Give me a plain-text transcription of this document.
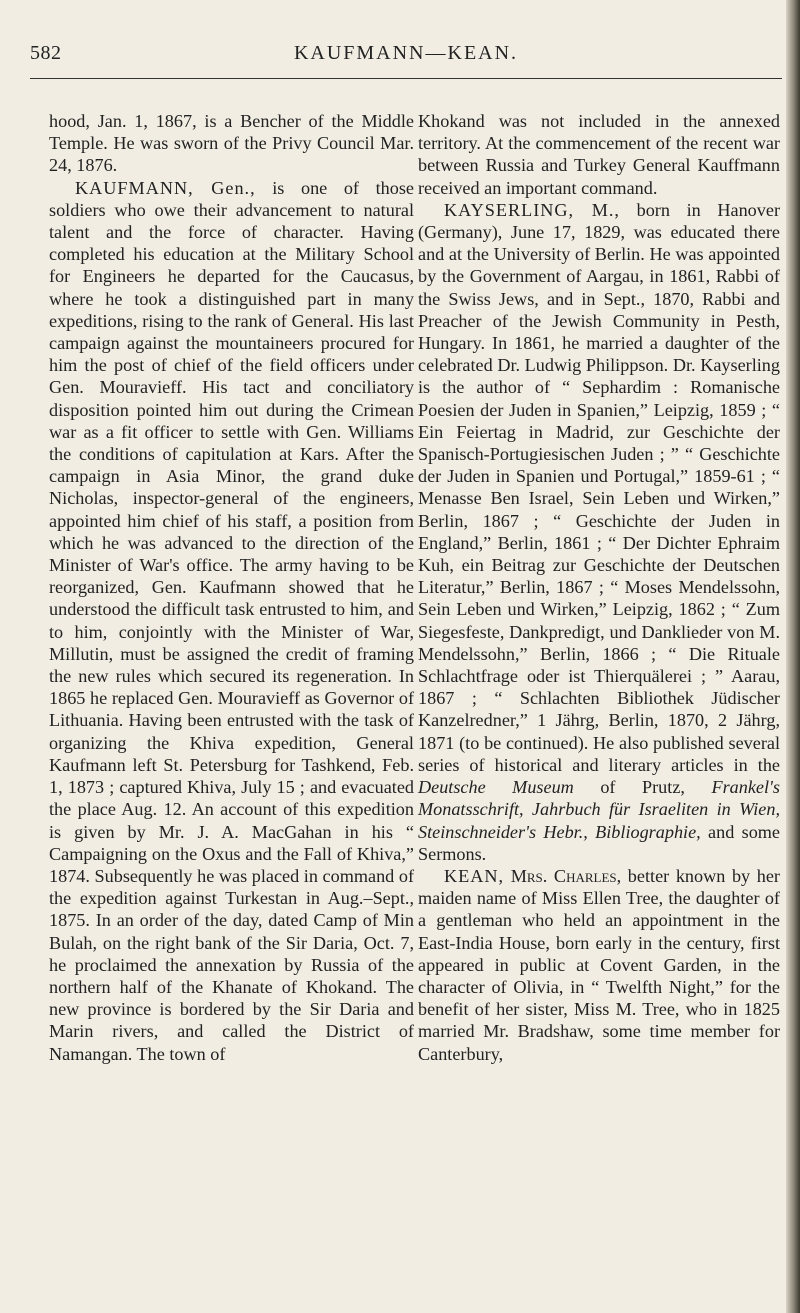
582	KAUFMANN—KEAN.

hood, Jan. 1, 1867, is a Bencher of the Middle Temple. He was sworn of the Privy Council Mar. 24, 1876.

KAUFMANN, Gen., is one of those soldiers who owe their advancement to natural talent and the force of character. Having completed his education at the Military School for Engineers he departed for the Caucasus, where he took a distinguished part in many expeditions, rising to the rank of General. His last campaign against the mountaineers procured for him the post of chief of the field officers under Gen. Mouravieff. His tact and conciliatory disposition pointed him out during the Crimean war as a fit officer to settle with Gen. Williams the conditions of capitulation at Kars. After the campaign in Asia Minor, the grand duke Nicholas, inspector-general of the engineers, appointed him chief of his staff, a position from which he was advanced to the direction of the Minister of War's office. The army having to be reorganized, Gen. Kaufmann showed that he understood the difficult task entrusted to him, and to him, conjointly with the Minister of War, Millutin, must be assigned the credit of framing the new rules which secured its regeneration. In 1865 he replaced Gen. Mouravieff as Governor of Lithuania. Having been entrusted with the task of organizing the Khiva expedition, General Kaufmann left St. Petersburg for Tashkend, Feb. 1, 1873 ; captured Khiva, July 15 ; and evacuated the place Aug. 12. An account of this expedition is given by Mr. J. A. MacGahan in his “ Campaigning on the Oxus and the Fall of Khiva,” 1874. Subsequently he was placed in command of the expedition against Turkestan in Aug.–Sept., 1875. In an order of the day, dated Camp of Min Bulah, on the right bank of the Sir Daria, Oct. 7, he proclaimed the annexation by Russia of the northern half of the Khanate of Khokand. The new province is bordered by the Sir Daria and Marin rivers, and called the District of Namangan. The town of

Khokand was not included in the annexed territory. At the commencement of the recent war between Russia and Turkey General Kauffmann received an important command.

KAYSERLING, M., born in Hanover (Germany), June 17, 1829, was educated there and at the University of Berlin. He was appointed by the Government of Aargau, in 1861, Rabbi of the Swiss Jews, and in Sept., 1870, Rabbi and Preacher of the Jewish Community in Pesth, Hungary. In 1861, he married a daughter of the celebrated Dr. Ludwig Philippson. Dr. Kayserling is the author of “ Sephardim : Romanische Poesien der Juden in Spanien,” Leipzig, 1859 ; “ Ein Feiertag in Madrid, zur Geschichte der Spanisch-Portugiesischen Juden ; ” “ Geschichte der Juden in Spanien und Portugal,” 1859-61 ; “ Menasse Ben Israel, Sein Leben und Wirken,” Berlin, 1867 ; “ Geschichte der Juden in England,” Berlin, 1861 ; “ Der Dichter Ephraim Kuh, ein Beitrag zur Geschichte der Deutschen Literatur,” Berlin, 1867 ; “ Moses Mendelssohn, Sein Leben und Wirken,” Leipzig, 1862 ; “ Zum Siegesfeste, Dankpredigt, und Danklieder von M. Mendelssohn,” Berlin, 1866 ; “ Die Rituale Schlachtfrage oder ist Thierquälerei ; ” Aarau, 1867 ; “ Schlachten Bibliothek Jüdischer Kanzelredner,” 1 Jährg, Berlin, 1870, 2 Jährg, 1871 (to be continued). He also published several series of historical and literary articles in the Deutsche Museum of Prutz, Frankel's Monatsschrift, Jahrbuch für Israeliten in Wien, Steinschneider's Hebr., Bibliographie, and some Sermons.

KEAN, Mrs. Charles, better known by her maiden name of Miss Ellen Tree, the daughter of a gentleman who held an appointment in the East-India House, born early in the century, first appeared in public at Covent Garden, in the character of Olivia, in “ Twelfth Night,” for the benefit of her sister, Miss M. Tree, who in 1825 married Mr. Bradshaw, some time member for Canterbury,
